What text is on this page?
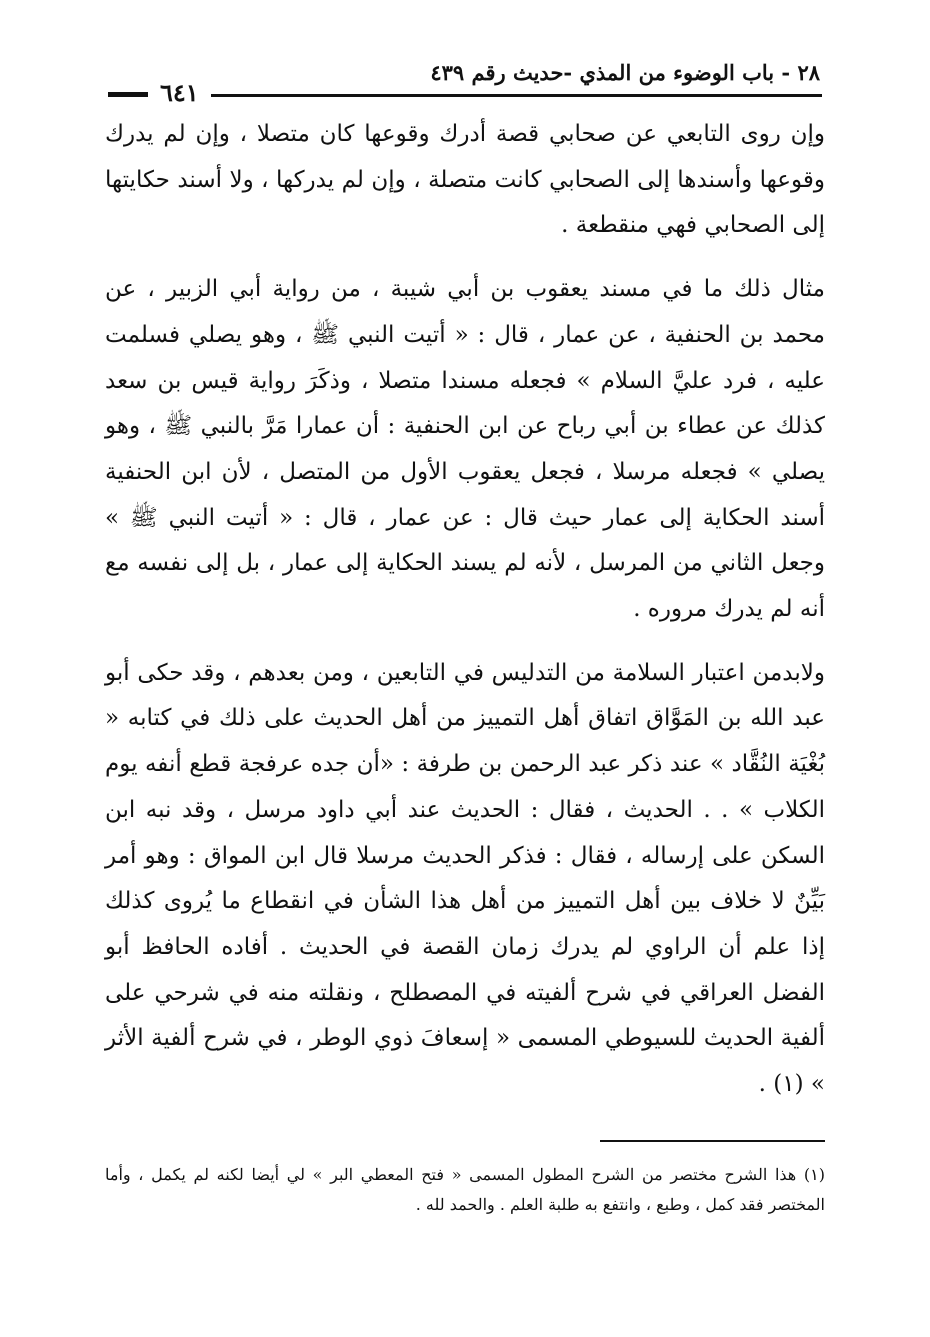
٢٨ - باب الوضوء من المذي -حديث رقم ٤٣٩
٦٤١

وإن روى التابعي عن صحابي قصة أدرك وقوعها كان متصلا ، وإن لم يدرك وقوعها وأسندها إلى الصحابي كانت متصلة ، وإن لم يدركها ، ولا أسند حكايتها إلى الصحابي فهي منقطعة .

مثال ذلك ما في مسند يعقوب بن أبي شيبة ، من رواية أبي الزبير ، عن محمد بن الحنفية ، عن عمار ، قال : « أتيت النبي ﷺ ، وهو يصلي فسلمت عليه ، فرد عليَّ السلام » فجعله مسندا متصلا ، وذكَرَ رواية قيس بن سعد كذلك عن عطاء بن أبي رباح عن ابن الحنفية : أن عمارا مَرَّ بالنبي ﷺ ، وهو يصلي » فجعله مرسلا ، فجعل يعقوب الأول من المتصل ، لأن ابن الحنفية أسند الحكاية إلى عمار حيث قال : عن عمار ، قال : « أتيت النبي ﷺ » وجعل الثاني من المرسل ، لأنه لم يسند الحكاية إلى عمار ، بل إلى نفسه مع أنه لم يدرك مروره .

ولابدمن اعتبار السلامة من التدليس في التابعين ، ومن بعدهم ، وقد حكى أبو عبد الله بن المَوَّاق اتفاق أهل التمييز من أهل الحديث على ذلك في كتابه « بُغْيَة النُقَّاد » عند ذكر عبد الرحمن بن طرفة : «أن جده عرفجة قطع أنفه يوم الكلاب » . . الحديث ، فقال : الحديث عند أبي داود مرسل ، وقد نبه ابن السكن على إرساله ، فقال : فذكر الحديث مرسلا قال ابن المواق : وهو أمر بَيِّنٌ لا خلاف بين أهل التمييز من أهل هذا الشأن في انقطاع ما يُروى كذلك إذا علم أن الراوي لم يدرك زمان القصة في الحديث . أفاده الحافظ أبو الفضل العراقي في شرح ألفيته في المصطلح ، ونقلته منه في شرحي على ألفية الحديث للسيوطي المسمى « إسعافَ ذوي الوطر ، في شرح ألفية الأثر » (١) .

(١) هذا الشرح مختصر من الشرح المطول المسمى « فتح المعطي البر » لي أيضا لكنه لم يكمل ، وأما المختصر فقد كمل ، وطبع ، وانتفع به طلبة العلم . والحمد لله .
